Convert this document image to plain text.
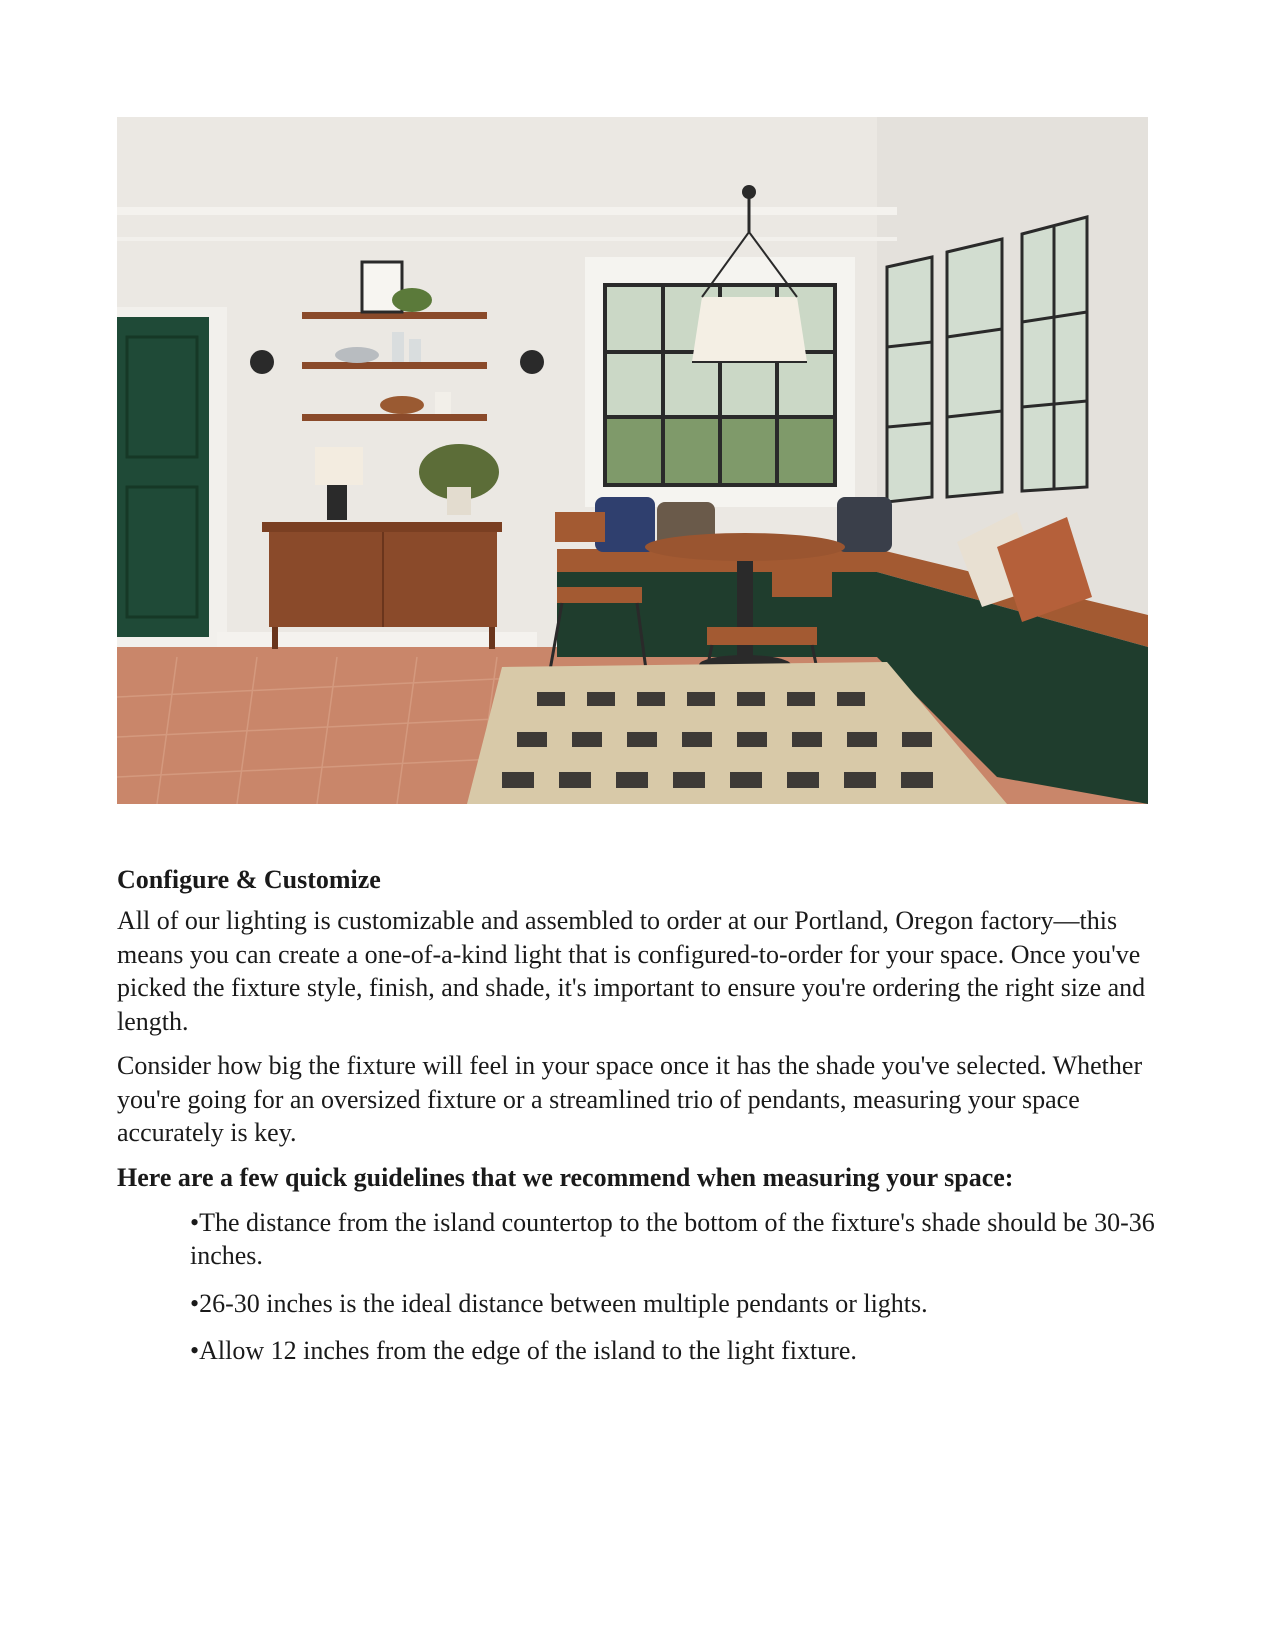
Configure & Customize

All of our lighting is customizable and assembled to order at our Portland, Oregon factory—this means you can create a one-of-a-kind light that is configured-to-order for your space. Once you've picked the fixture style, finish, and shade, it's important to ensure you're ordering the right size and length.

Consider how big the fixture will feel in your space once it has the shade you've selected. Whether you're going for an oversized fixture or a streamlined trio of pendants, measuring your space accurately is key.

Here are a few quick guidelines that we recommend when measuring your space:
•The distance from the island countertop to the bottom of the fixture's shade should be 30-36 inches.
•26-30 inches is the ideal distance between multiple pendants or lights.
•Allow 12 inches from the edge of the island to the light fixture.
